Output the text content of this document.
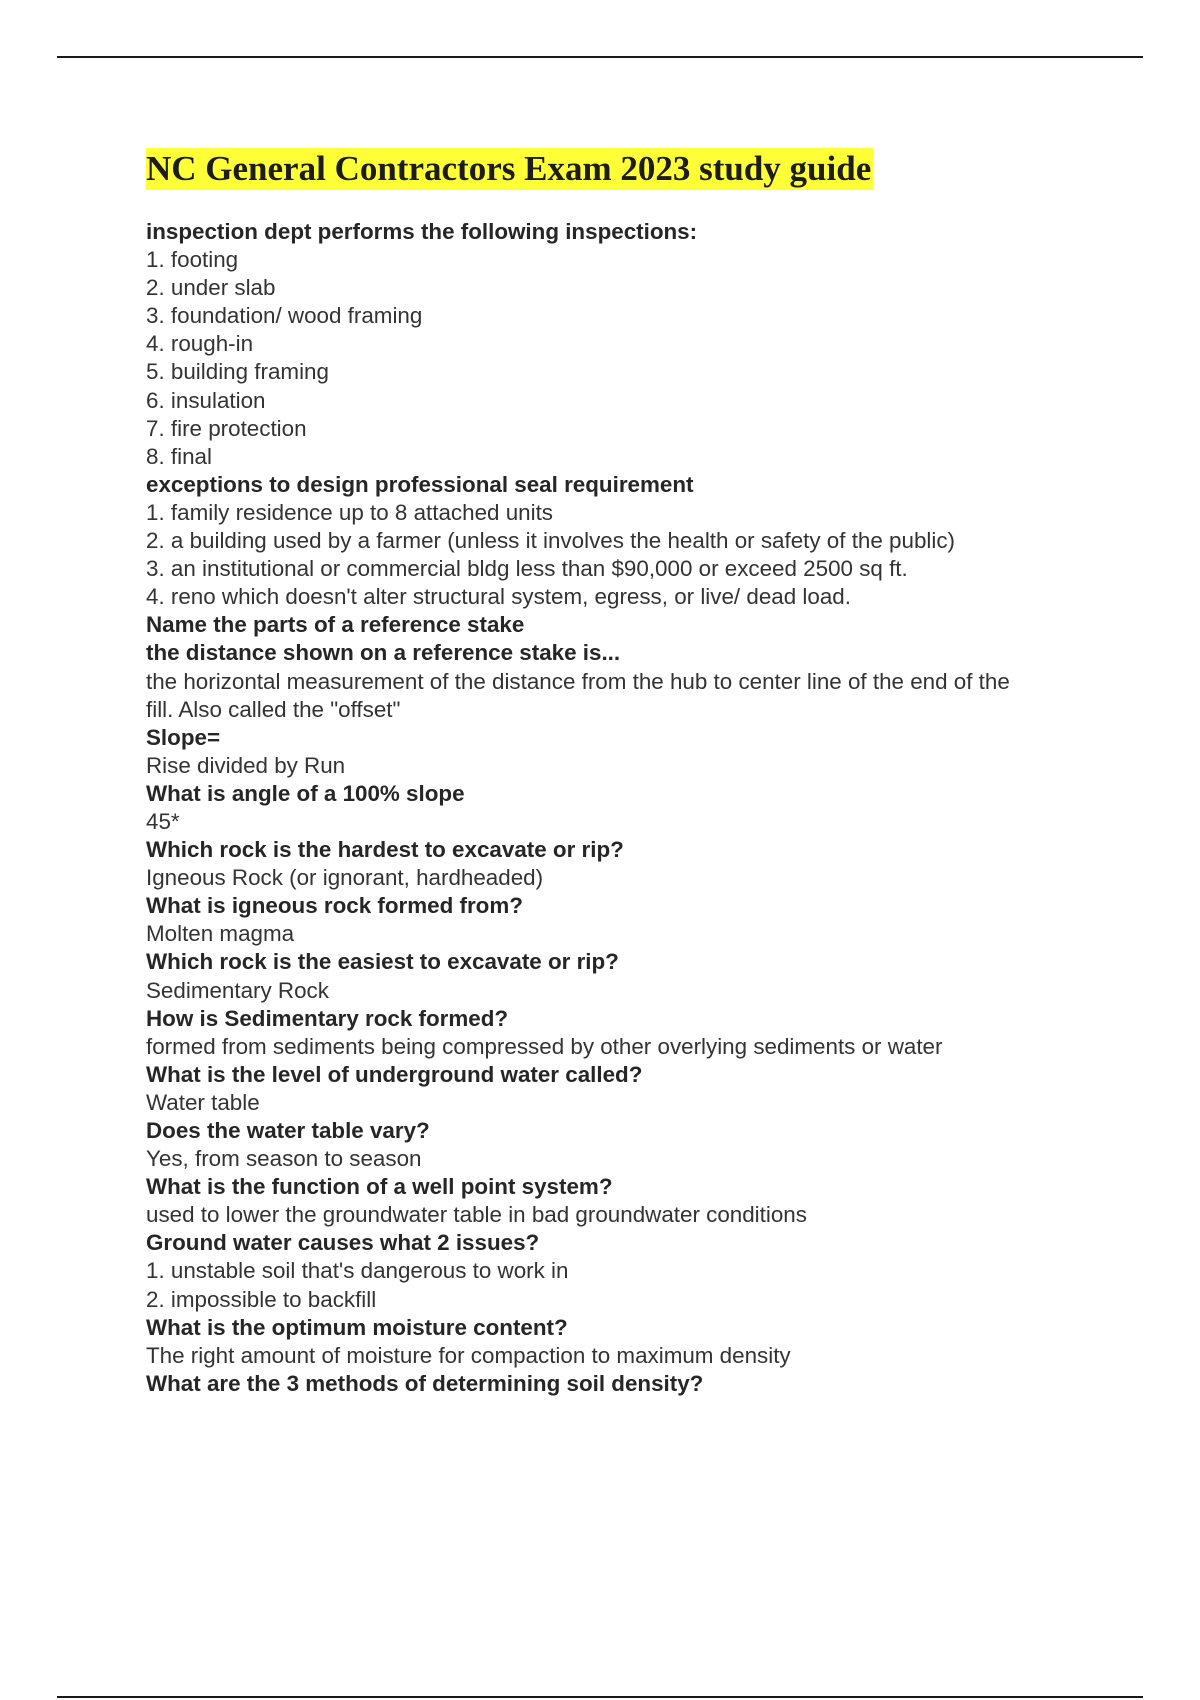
NC General Contractors Exam 2023 study guide
inspection dept performs the following inspections:
1. footing
2. under slab
3. foundation/ wood framing
4. rough-in
5. building framing
6. insulation
7. fire protection
8. final
exceptions to design professional seal requirement
1. family residence up to 8 attached units
2. a building used by a farmer (unless it involves the health or safety of the public)
3. an institutional or commercial bldg less than $90,000 or exceed 2500 sq ft.
4. reno which doesn't alter structural system, egress, or live/ dead load.
Name the parts of a reference stake
the distance shown on a reference stake is...
the horizontal measurement of the distance from the hub to center line of the end of the
fill. Also called the "offset"
Slope=
Rise divided by Run
What is angle of a 100% slope
45*
Which rock is the hardest to excavate or rip?
Igneous Rock (or ignorant, hardheaded)
What is igneous rock formed from?
Molten magma
Which rock is the easiest to excavate or rip?
Sedimentary Rock
How is Sedimentary rock formed?
formed from sediments being compressed by other overlying sediments or water
What is the level of underground water called?
Water table
Does the water table vary?
Yes, from season to season
What is the function of a well point system?
used to lower the groundwater table in bad groundwater conditions
Ground water causes what 2 issues?
1. unstable soil that's dangerous to work in
2. impossible to backfill
What is the optimum moisture content?
The right amount of moisture for compaction to maximum density
What are the 3 methods of determining soil density?
